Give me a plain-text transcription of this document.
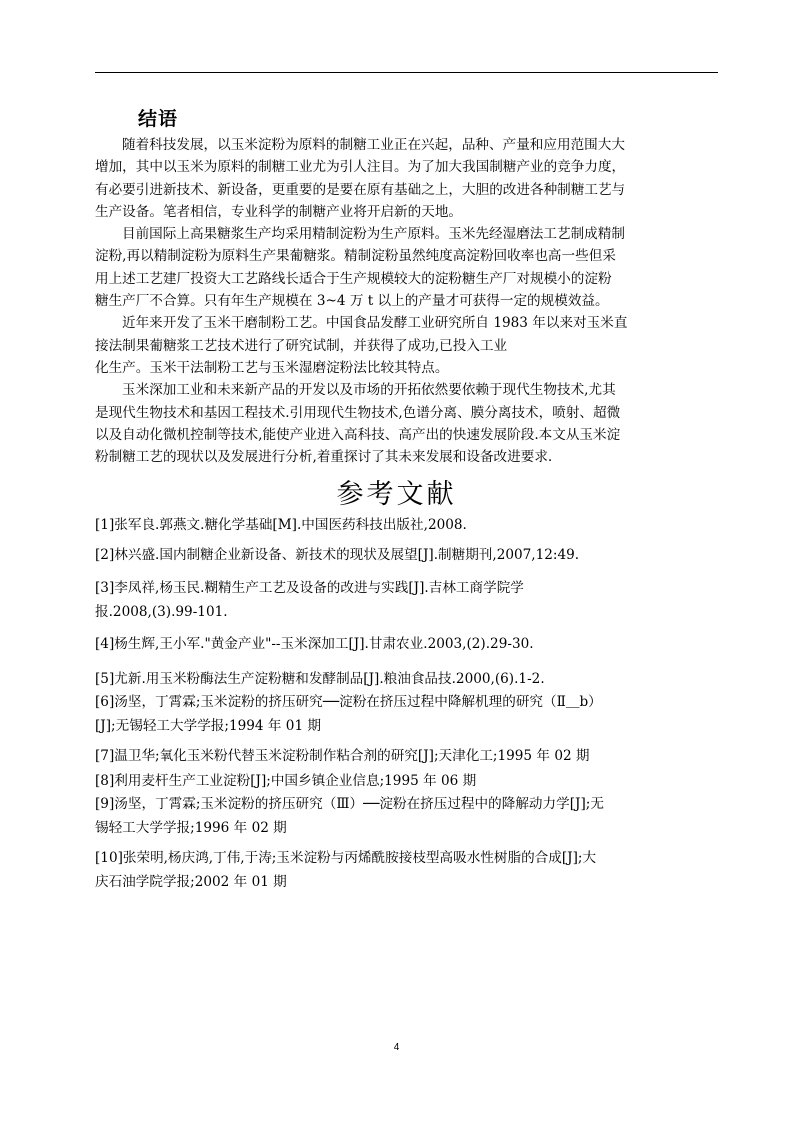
结语

随着科技发展，以玉米淀粉为原料的制糖工业正在兴起，品种、产量和应用范围大大
增加，其中以玉米为原料的制糖工业尤为引人注目。为了加大我国制糖产业的竞争力度，
有必要引进新技术、新设备，更重要的是要在原有基础之上，大胆的改进各种制糖工艺与
生产设备。笔者相信，专业科学的制糖产业将开启新的天地。

目前国际上高果糖浆生产均采用精制淀粉为生产原料。玉米先经湿磨法工艺制成精制
淀粉,再以精制淀粉为原料生产果葡糖浆。精制淀粉虽然纯度高淀粉回收率也高一些但采
用上述工艺建厂投资大工艺路线长适合于生产规模较大的淀粉糖生产厂对规模小的淀粉
糖生产厂不合算。只有年生产规模在 3~4 万 t 以上的产量才可获得一定的规模效益。

近年来开发了玉米干磨制粉工艺。中国食品发酵工业研究所自 1983 年以来对玉米直
接法制果葡糖浆工艺技术进行了研究试制，并获得了成功,已投入工业
化生产。玉米干法制粉工艺与玉米湿磨淀粉法比较其特点。

玉米深加工业和未来新产品的开发以及市场的开拓依然要依赖于现代生物技术,尤其
是现代生物技术和基因工程技术.引用现代生物技术,色谱分离、膜分离技术，喷射、超微
以及自动化微机控制等技术,能使产业进入高科技、高产出的快速发展阶段.本文从玉米淀
粉制糖工艺的现状以及发展进行分析,着重探讨了其未来发展和设备改进要求.

参考文献
[1]张军良.郭燕文.糖化学基础[M].中国医药科技出版社,2008.
[2]林兴盛.国内制糖企业新设备、新技术的现状及展望[J].制糖期刊,2007,12:49.
[3]李凤祥,杨玉民.糊精生产工艺及设备的改进与实践[J].吉林工商学院学
报.2008,(3).99-101.
[4]杨生辉,王小军."黄金产业"--玉米深加工[J].甘肃农业.2003,(2).29-30.
[5]尤新.用玉米粉酶法生产淀粉糖和发酵制品[J].粮油食品技.2000,(6).1-2.
[6]汤坚，丁霄霖;玉米淀粉的挤压研究──淀粉在挤压过程中降解机理的研究（Ⅱ＿b）
[J];无锡轻工大学学报;1994 年 01 期
[7]温卫华;氧化玉米粉代替玉米淀粉制作粘合剂的研究[J];天津化工;1995 年 02 期
[8]利用麦杆生产工业淀粉[J];中国乡镇企业信息;1995 年 06 期
[9]汤坚，丁霄霖;玉米淀粉的挤压研究（Ⅲ）──淀粉在挤压过程中的降解动力学[J];无
锡轻工大学学报;1996 年 02 期
[10]张荣明,杨庆鸿,丁伟,于涛;玉米淀粉与丙烯酰胺接枝型高吸水性树脂的合成[J];大
庆石油学院学报;2002 年 01 期
4
